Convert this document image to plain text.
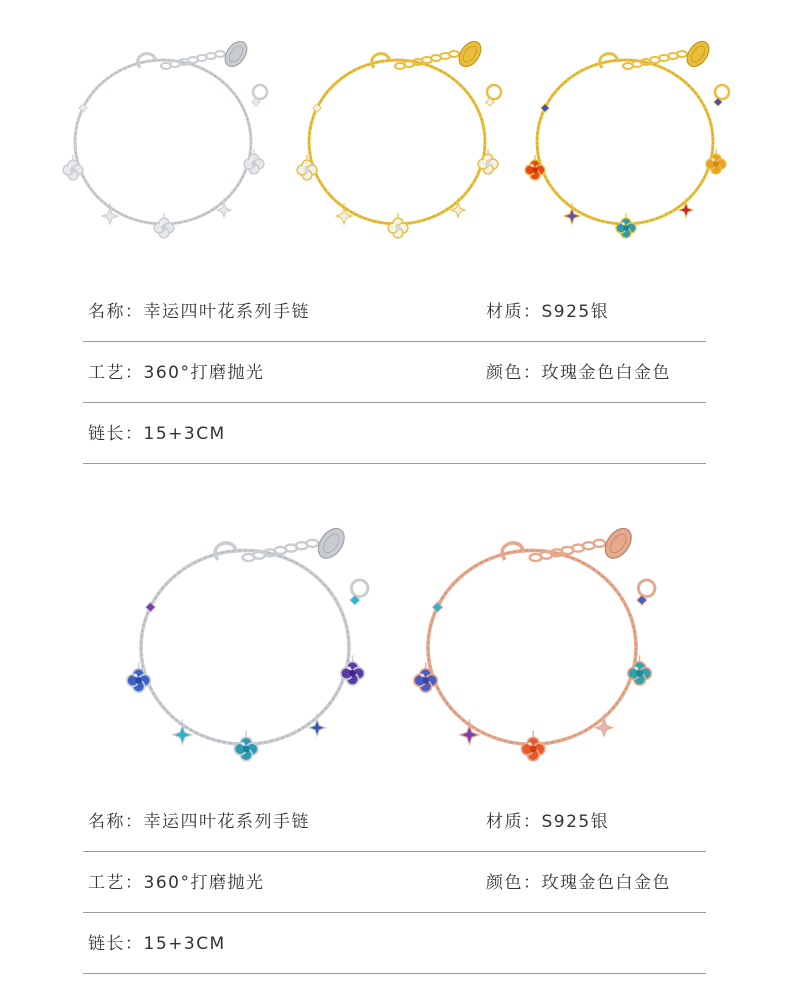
名称：幸运四叶花系列手链	材质：S925银
工艺：360°打磨抛光	颜色：玫瑰金色白金色
链长：15+3CM
名称：幸运四叶花系列手链	材质：S925银
工艺：360°打磨抛光	颜色：玫瑰金色白金色
链长：15+3CM
